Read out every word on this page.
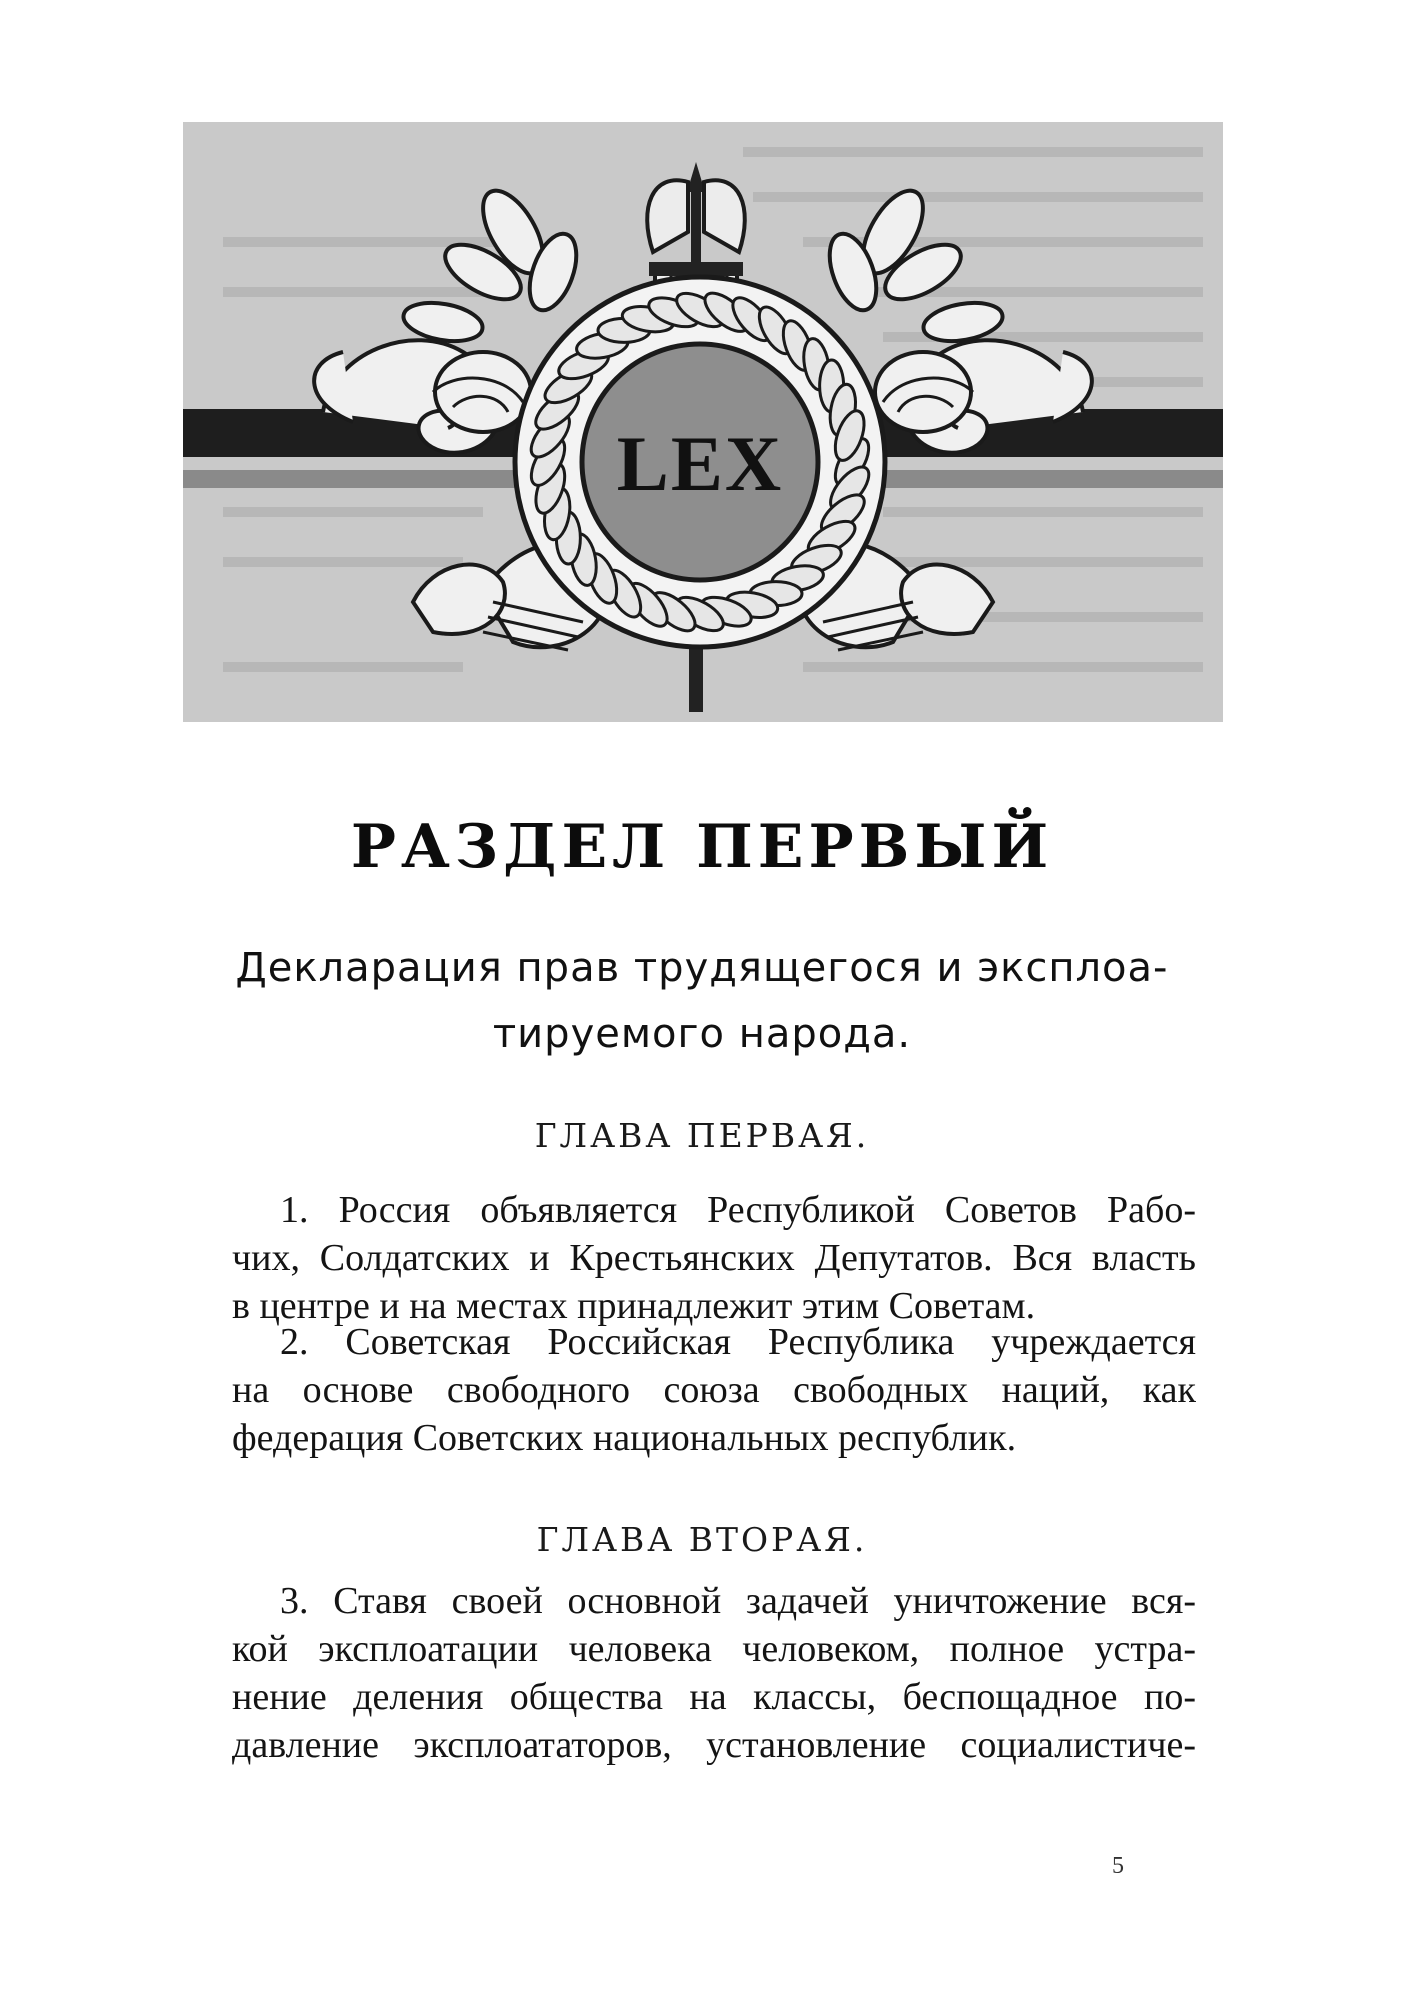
LEX
РАЗДЕЛ ПЕРВЫЙ
Декларация прав трудящегося и эксплоа-
тируемого народа.
ГЛАВА ПЕРВАЯ.
1. Россия объявляется Республикой Советов Рабо-
чих, Солдатских и Крестьянских Депутатов. Вся власть
в центре и на местах принадлежит этим Советам.
2. Советская Российская Республика учреждается
на основе свободного союза свободных наций, как
федерация Советских национальных республик.
ГЛАВА ВТОРАЯ.
3. Ставя своей основной задачей уничтожение вся-
кой эксплоатации человека человеком, полное устра-
нение деления общества на классы, беспощадное по-
давление эксплоататоров, установление социалистиче-
5
